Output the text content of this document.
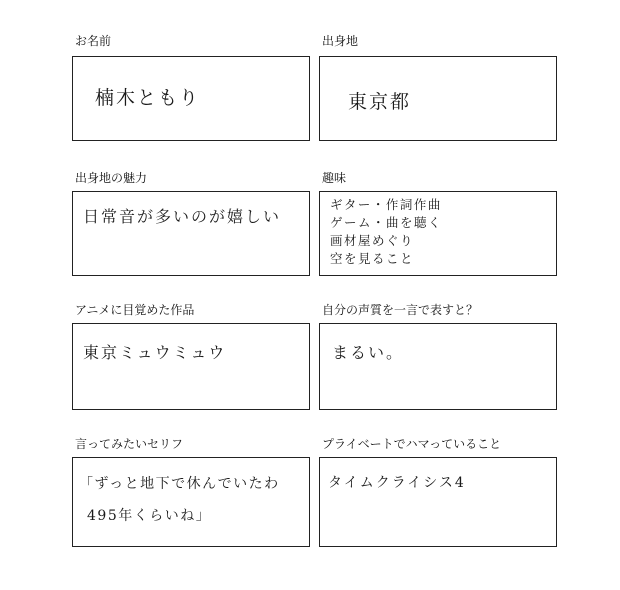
お名前
楠木ともり
出身地
東京都
出身地の魅力
日常音が多いのが嬉しい
趣味
ギター・作詞作曲
ゲーム・曲を聴く
画材屋めぐり
空を見ること
アニメに目覚めた作品
東京ミュウミュウ
自分の声質を一言で表すと？
まるい。
言ってみたいセリフ
「ずっと地下で休んでいたわ
495年くらいね」
プライベートでハマっていること
タイムクライシス4
